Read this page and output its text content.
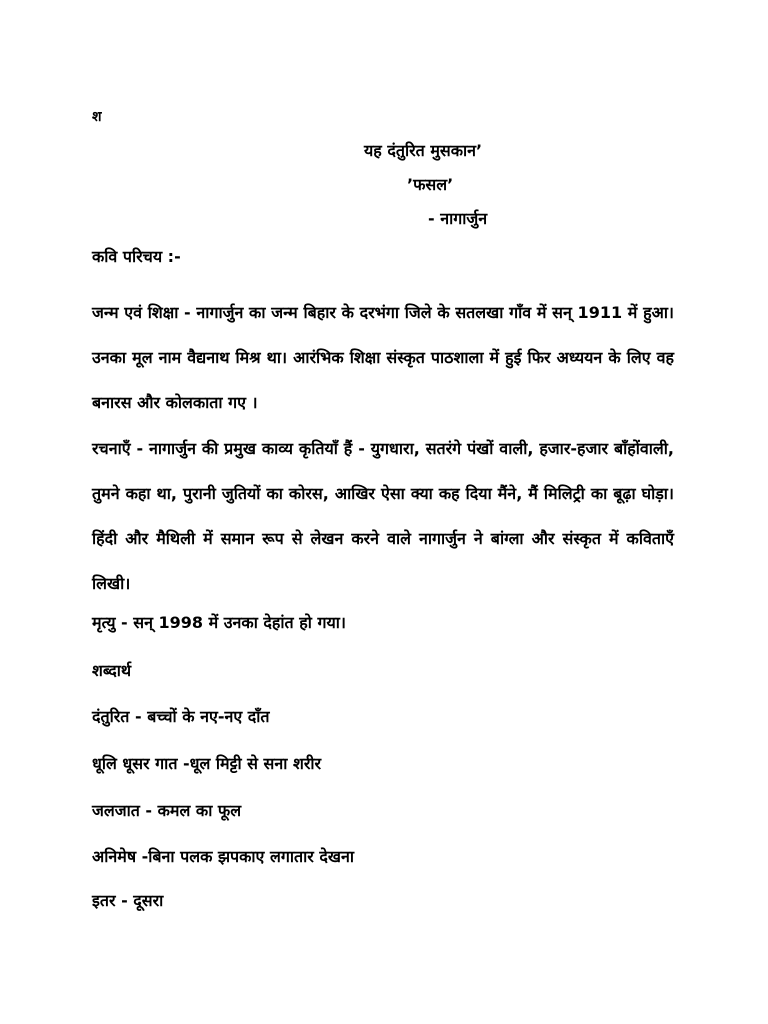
श
यह दंतुरित मुसकान’
’फसल’
- नागार्जुन
कवि परिचय :-
जन्म एवं शिक्षा - नागार्जुन का जन्म बिहार के दरभंगा जिले के सतलखा गाँव में सन् 1911 में हुआ। उनका मूल नाम वैद्यनाथ मिश्र था। आरंभिक शिक्षा संस्कृत पाठशाला में हुई फिर अध्ययन के लिए वह बनारस और कोलकाता गए ।
रचनाएँ - नागार्जुन की प्रमुख काव्य कृतियाँ हैं - युगधारा, सतरंगे पंखों वाली, हजार-हजार बाँहोंवाली, तुमने कहा था, पुरानी जुतियों का कोरस, आखिर ऐसा क्या कह दिया मैंने, मैं मिलिट्री का बूढ़ा घोड़ा। हिंदी और मैथिली में समान रूप से लेखन करने वाले नागार्जुन ने बांग्ला और संस्कृत में कविताएँ लिखी।
मृत्यु - सन् 1998 में उनका देहांत हो गया।
शब्दार्थ
दंतुरित - बच्चों के नए-नए दाँत
धूलि धूसर गात -धूल मिट्टी से सना शरीर
जलजात - कमल का फूल
अनिमेष -बिना पलक झपकाए लगातार देखना
इतर - दूसरा
